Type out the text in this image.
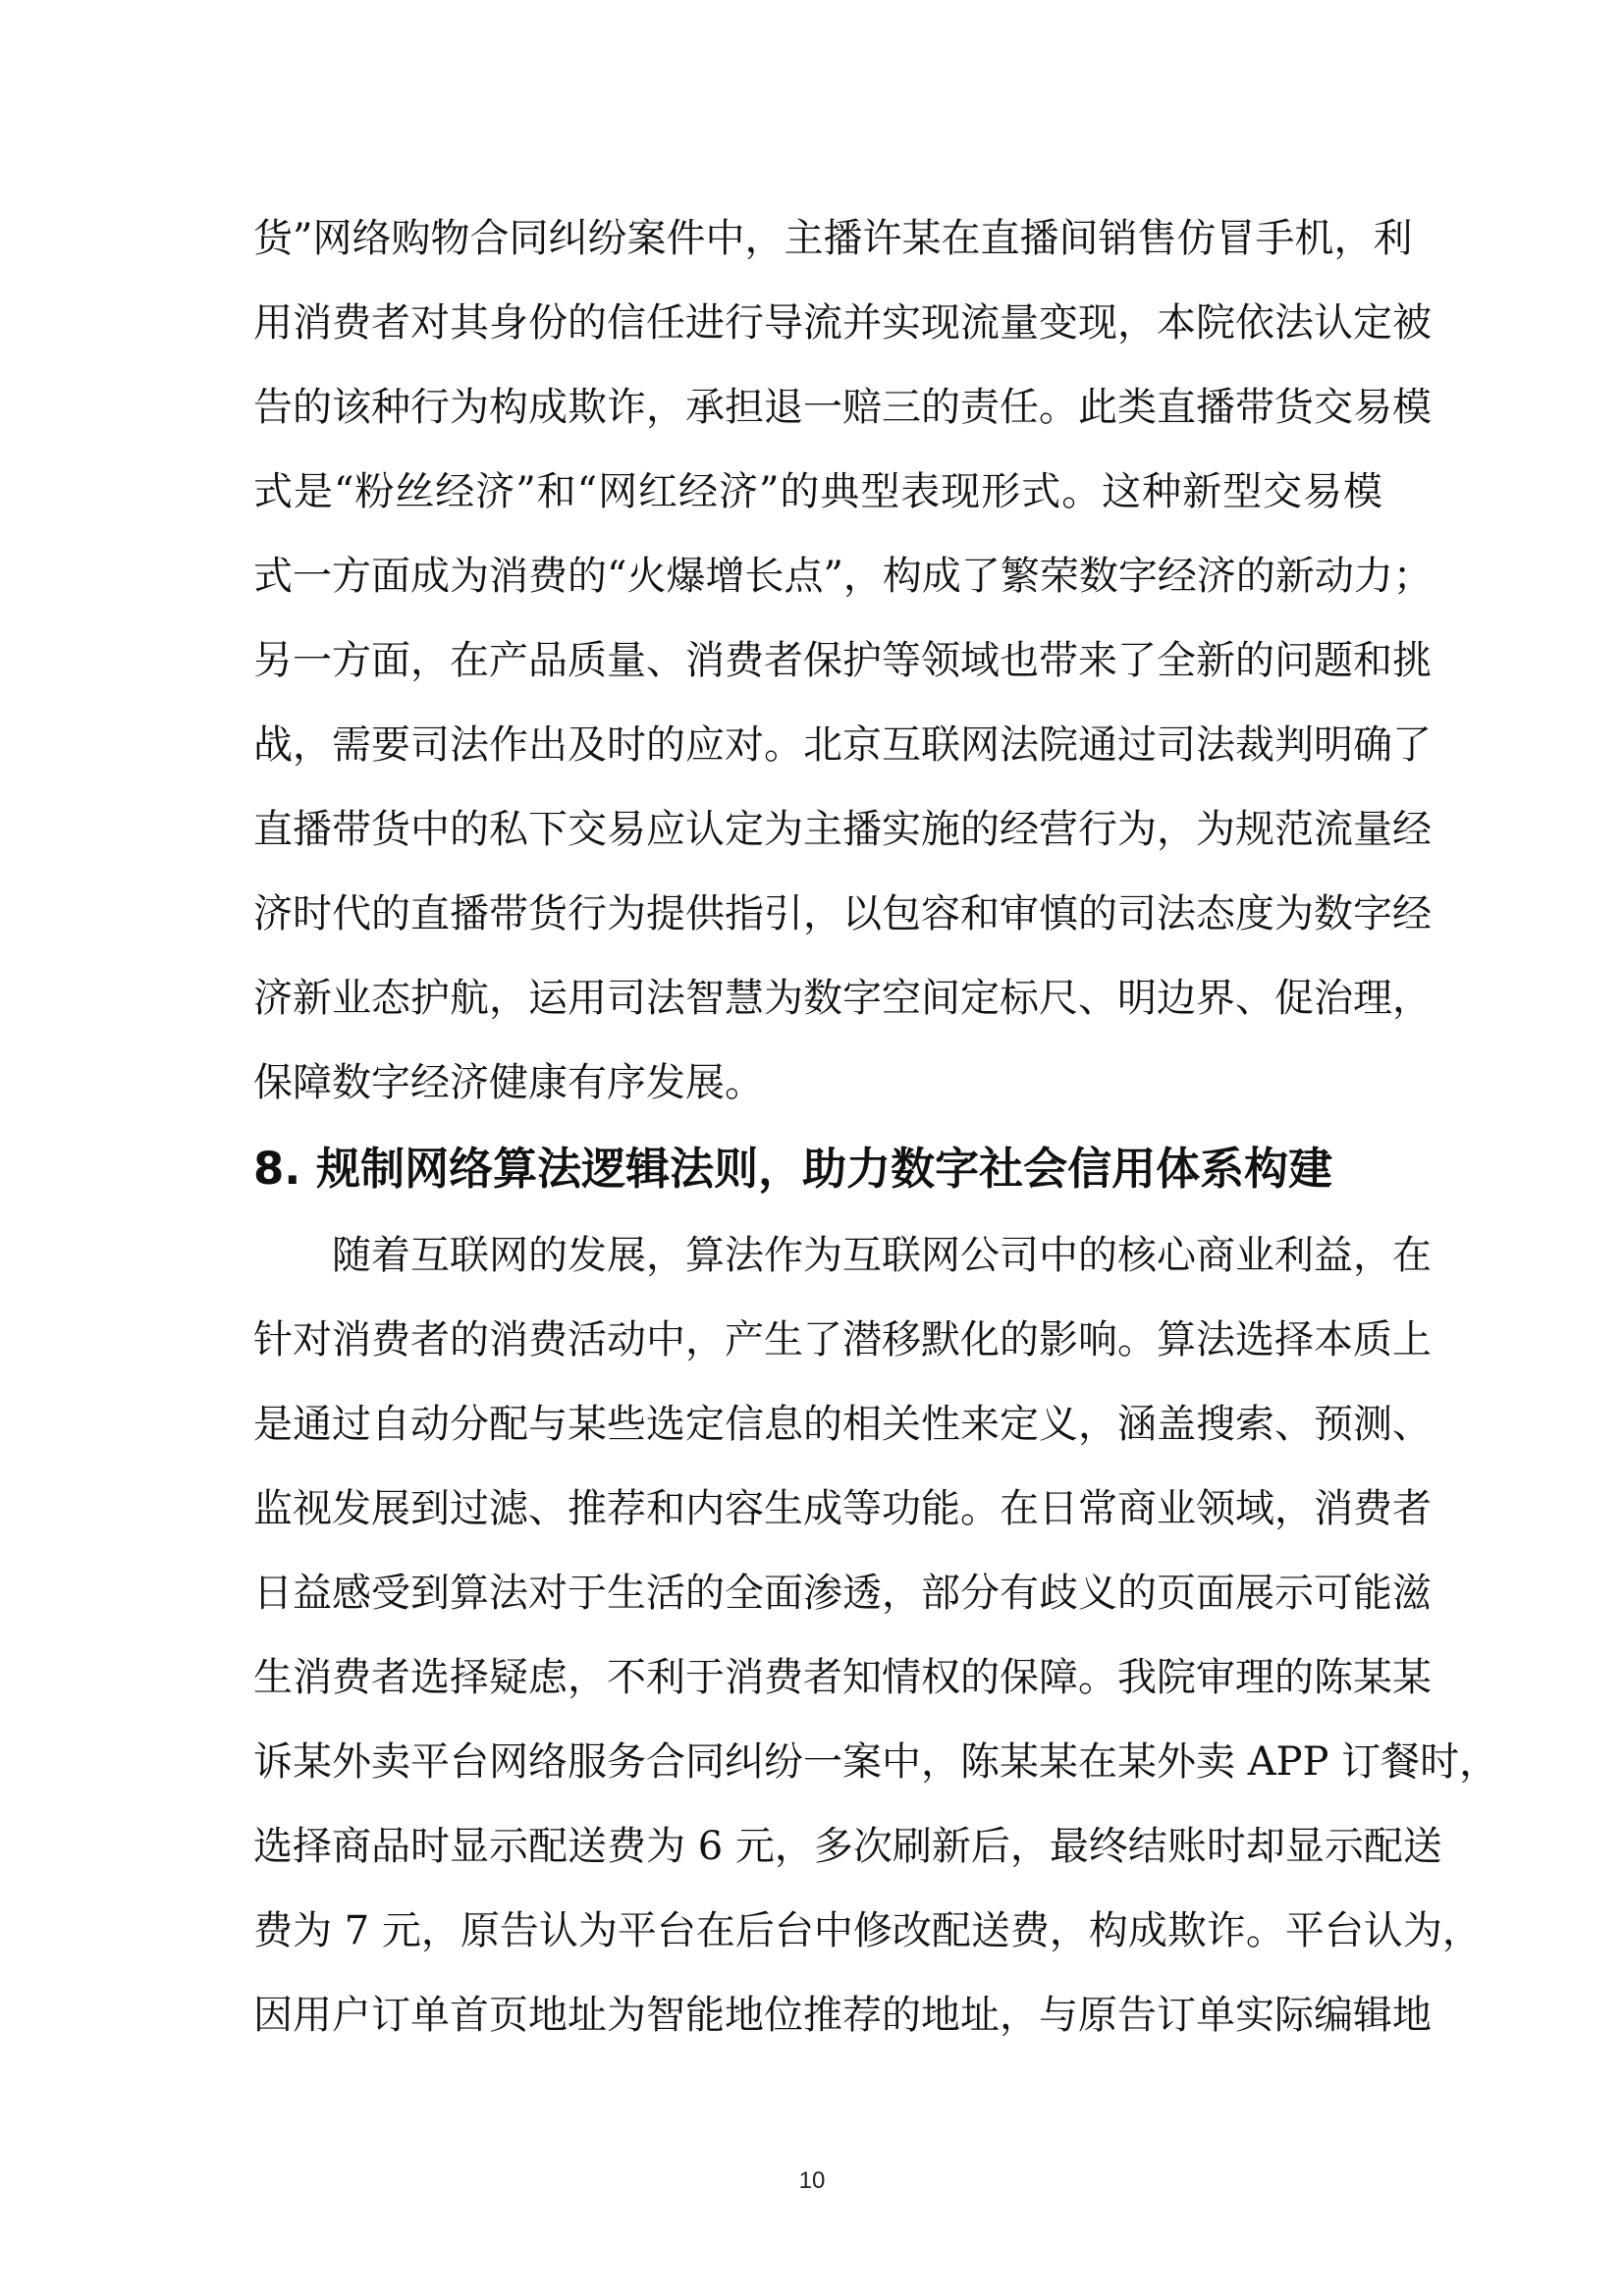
货”网络购物合同纠纷案件中，主播许某在直播间销售仿冒手机，利
用消费者对其身份的信任进行导流并实现流量变现，本院依法认定被
告的该种行为构成欺诈，承担退一赔三的责任。此类直播带货交易模
式是“粉丝经济”和“网红经济”的典型表现形式。这种新型交易模
式一方面成为消费的“火爆增长点”，构成了繁荣数字经济的新动力；
另一方面，在产品质量、消费者保护等领域也带来了全新的问题和挑
战，需要司法作出及时的应对。北京互联网法院通过司法裁判明确了
直播带货中的私下交易应认定为主播实施的经营行为，为规范流量经
济时代的直播带货行为提供指引，以包容和审慎的司法态度为数字经
济新业态护航，运用司法智慧为数字空间定标尺、明边界、促治理，
保障数字经济健康有序发展。
8. 规制网络算法逻辑法则，助力数字社会信用体系构建
随着互联网的发展，算法作为互联网公司中的核心商业利益，在
针对消费者的消费活动中，产生了潜移默化的影响。算法选择本质上
是通过自动分配与某些选定信息的相关性来定义，涵盖搜索、预测、
监视发展到过滤、推荐和内容生成等功能。在日常商业领域，消费者
日益感受到算法对于生活的全面渗透，部分有歧义的页面展示可能滋
生消费者选择疑虑，不利于消费者知情权的保障。我院审理的陈某某
诉某外卖平台网络服务合同纠纷一案中，陈某某在某外卖 APP 订餐时，
选择商品时显示配送费为 6 元，多次刷新后，最终结账时却显示配送
费为 7 元，原告认为平台在后台中修改配送费，构成欺诈。平台认为，
因用户订单首页地址为智能地位推荐的地址，与原告订单实际编辑地
10
